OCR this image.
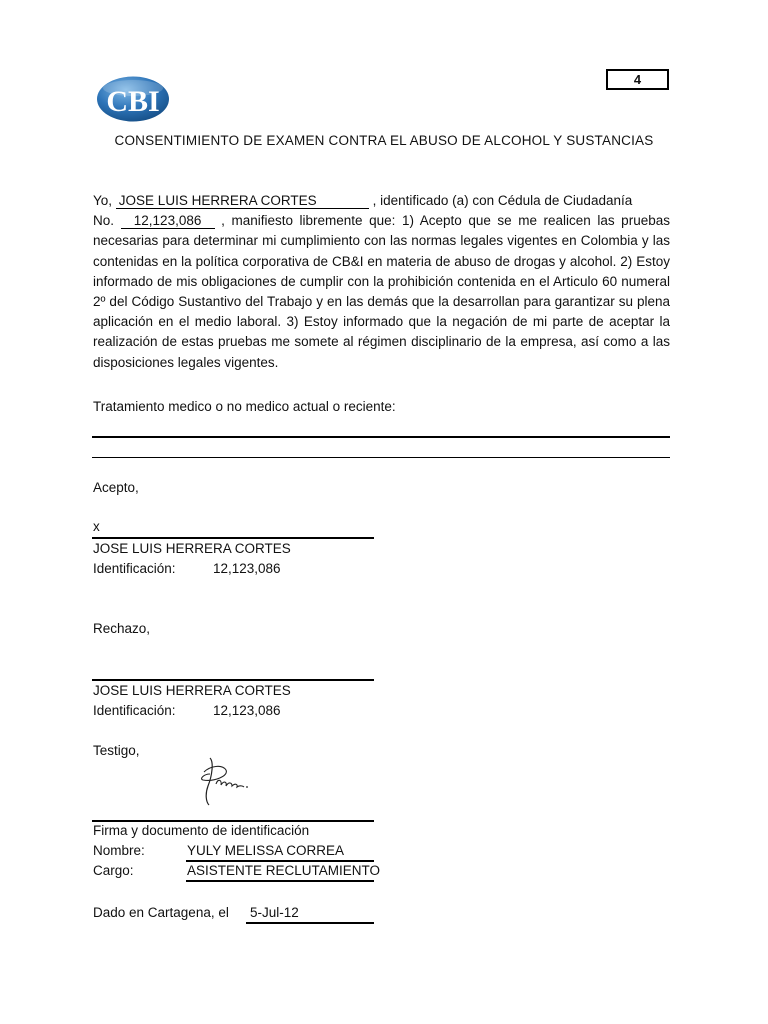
4
CBI
CONSENTIMIENTO DE EXAMEN CONTRA EL ABUSO DE ALCOHOL Y SUSTANCIAS
Yo, JOSE LUIS HERRERA CORTES	, identificado (a) con Cédula de Ciudadanía
No. 12,123,086 , manifiesto libremente que: 1) Acepto que se me realicen las pruebas necesarias para determinar mi cumplimiento con las normas legales vigentes en Colombia y las contenidas en la política corporativa de CB&I en materia de abuso de drogas y alcohol. 2) Estoy informado de mis obligaciones de cumplir con la prohibición contenida en el Articulo 60 numeral 2º del Código Sustantivo del Trabajo y en las demás que la desarrollan para garantizar su plena aplicación en el medio laboral. 3) Estoy informado que la negación de mi parte de aceptar la realización de estas pruebas me somete al régimen disciplinario de la empresa, así como a las disposiciones legales vigentes.
Tratamiento medico o no medico actual o reciente:
Acepto,
x
JOSE LUIS HERRERA CORTES
Identificación:	12,123,086
Rechazo,
JOSE LUIS HERRERA CORTES
Identificación:	12,123,086
Testigo,
Firma y documento de identificación
Nombre:	YULY MELISSA CORREA
Cargo:	ASISTENTE RECLUTAMIENTO
Dado en Cartagena, el 5-Jul-12
